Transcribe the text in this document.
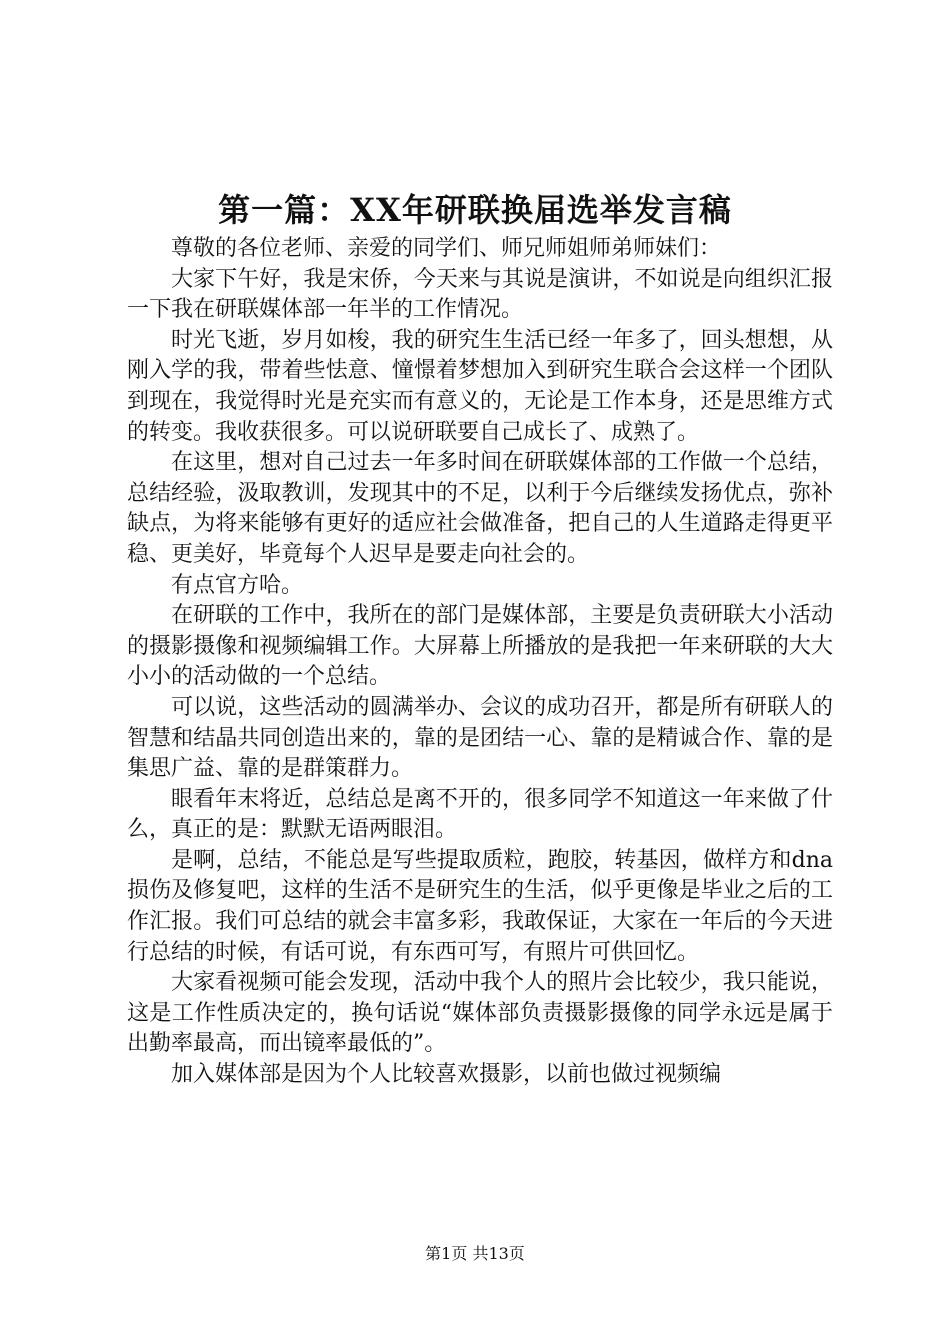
第一篇：XX年研联换届选举发言稿

尊敬的各位老师、亲爱的同学们、师兄师姐师弟师妹们：

大家下午好，我是宋侨，今天来与其说是演讲，不如说是向组织汇报一下我在研联媒体部一年半的工作情况。

时光飞逝，岁月如梭，我的研究生生活已经一年多了，回头想想，从刚入学的我，带着些怯意、憧憬着梦想加入到研究生联合会这样一个团队到现在，我觉得时光是充实而有意义的，无论是工作本身，还是思维方式的转变。我收获很多。可以说研联要自己成长了、成熟了。

在这里，想对自己过去一年多时间在研联媒体部的工作做一个总结，总结经验，汲取教训，发现其中的不足，以利于今后继续发扬优点，弥补缺点，为将来能够有更好的适应社会做准备，把自己的人生道路走得更平稳、更美好，毕竟每个人迟早是要走向社会的。

有点官方哈。

在研联的工作中，我所在的部门是媒体部，主要是负责研联大小活动的摄影摄像和视频编辑工作。大屏幕上所播放的是我把一年来研联的大大小小的活动做的一个总结。

可以说，这些活动的圆满举办、会议的成功召开，都是所有研联人的智慧和结晶共同创造出来的，靠的是团结一心、靠的是精诚合作、靠的是集思广益、靠的是群策群力。

眼看年末将近，总结总是离不开的，很多同学不知道这一年来做了什么，真正的是：默默无语两眼泪。

是啊，总结，不能总是写些提取质粒，跑胶，转基因，做样方和dna损伤及修复吧，这样的生活不是研究生的生活，似乎更像是毕业之后的工作汇报。我们可总结的就会丰富多彩，我敢保证，大家在一年后的今天进行总结的时候，有话可说，有东西可写，有照片可供回忆。

大家看视频可能会发现，活动中我个人的照片会比较少，我只能说，这是工作性质决定的，换句话说“媒体部负责摄影摄像的同学永远是属于出勤率最高，而出镜率最低的”。

加入媒体部是因为个人比较喜欢摄影，以前也做过视频编

第1页 共13页
